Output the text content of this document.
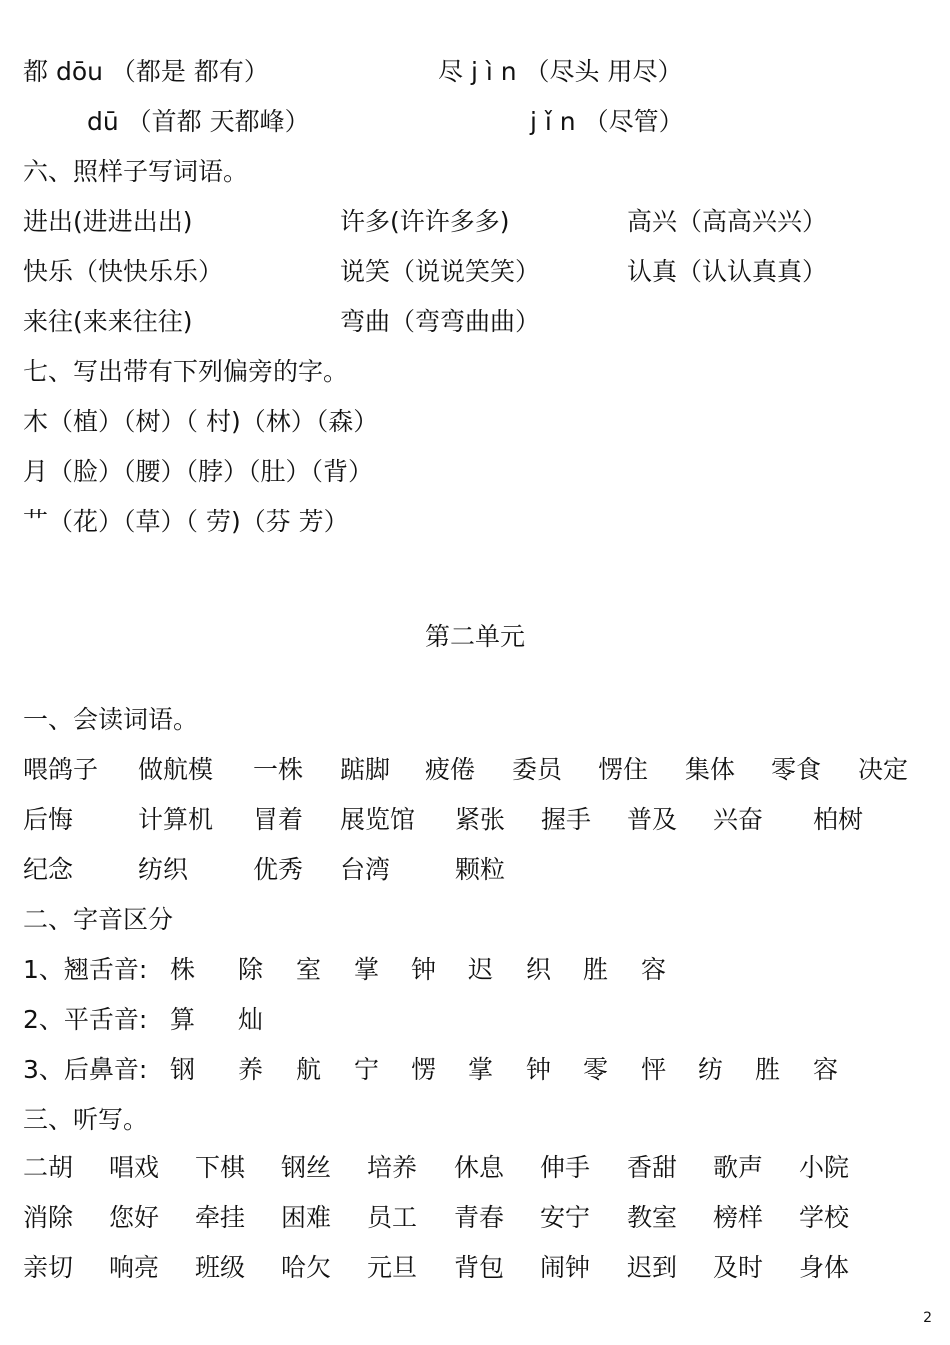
都 dōu （都是 都有）	尽 j ì n （尽头 用尽）
dū （首都 天都峰）	j ǐ n （尽管）
六、照样子写词语。
进出(进进出出)	许多(许许多多)	高兴（高高兴兴）
快乐（快快乐乐）	说笑（说说笑笑）	认真（认认真真）
来往(来来往往)	弯曲（弯弯曲曲）
七、写出带有下列偏旁的字。
木（植）（树）（ 村)（林）（森）
月（脸）（腰）（脖）（肚）（背）
艹（花）（草）（ 劳)（芬 芳）
第二单元
一、会读词语。
喂鸽子 做航模 一株 踮脚 疲倦 委员 愣住 集体 零食 决定
后悔	计算机 冒着 展览馆 紧张 握手 普及 兴奋 柏树
纪念	纺织	优秀 台湾	颗粒
二、字音区分
1、翘舌音: 株 除 室 掌 钟 迟 织 胜 容
2、平舌音: 算 灿
3、后鼻音: 钢 养 航 宁 愣 掌 钟 零 怦 纺 胜 容
三、听写。
二胡 唱戏 下棋 钢丝 培养 休息 伸手 香甜 歌声 小院
消除 您好 牵挂 困难 员工 青春 安宁 教室 榜样 学校
亲切 响亮 班级 哈欠 元旦 背包 闹钟 迟到 及时 身体
2
